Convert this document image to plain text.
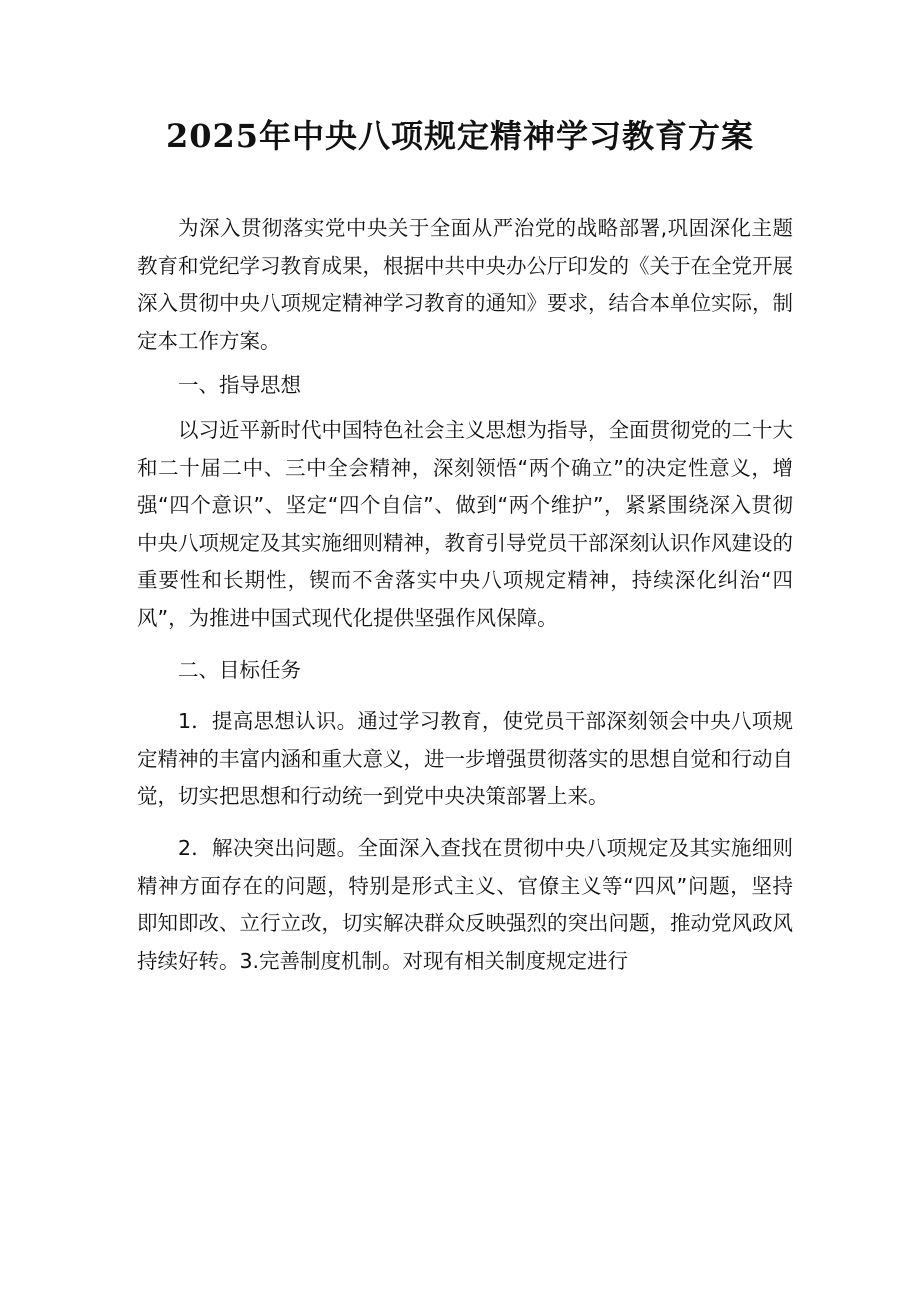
2025年中央八项规定精神学习教育方案

为深入贯彻落实党中央关于全面从严治党的战略部署,巩固深化主题教育和党纪学习教育成果，根据中共中央办公厅印发的《关于在全党开展深入贯彻中央八项规定精神学习教育的通知》要求，结合本单位实际，制定本工作方案。

一、指导思想

以习近平新时代中国特色社会主义思想为指导，全面贯彻党的二十大和二十届二中、三中全会精神，深刻领悟“两个确立”的决定性意义，增强“四个意识”、坚定“四个自信”、做到“两个维护”，紧紧围绕深入贯彻中央八项规定及其实施细则精神，教育引导党员干部深刻认识作风建设的重要性和长期性，锲而不舍落实中央八项规定精神，持续深化纠治“四风”，为推进中国式现代化提供坚强作风保障。

二、目标任务

1．提高思想认识。通过学习教育，使党员干部深刻领会中央八项规定精神的丰富内涵和重大意义，进一步增强贯彻落实的思想自觉和行动自觉，切实把思想和行动统一到党中央决策部署上来。

2．解决突出问题。全面深入查找在贯彻中央八项规定及其实施细则精神方面存在的问题，特别是形式主义、官僚主义等“四风”问题，坚持即知即改、立行立改，切实解决群众反映强烈的突出问题，推动党风政风持续好转。3.完善制度机制。对现有相关制度规定进行
